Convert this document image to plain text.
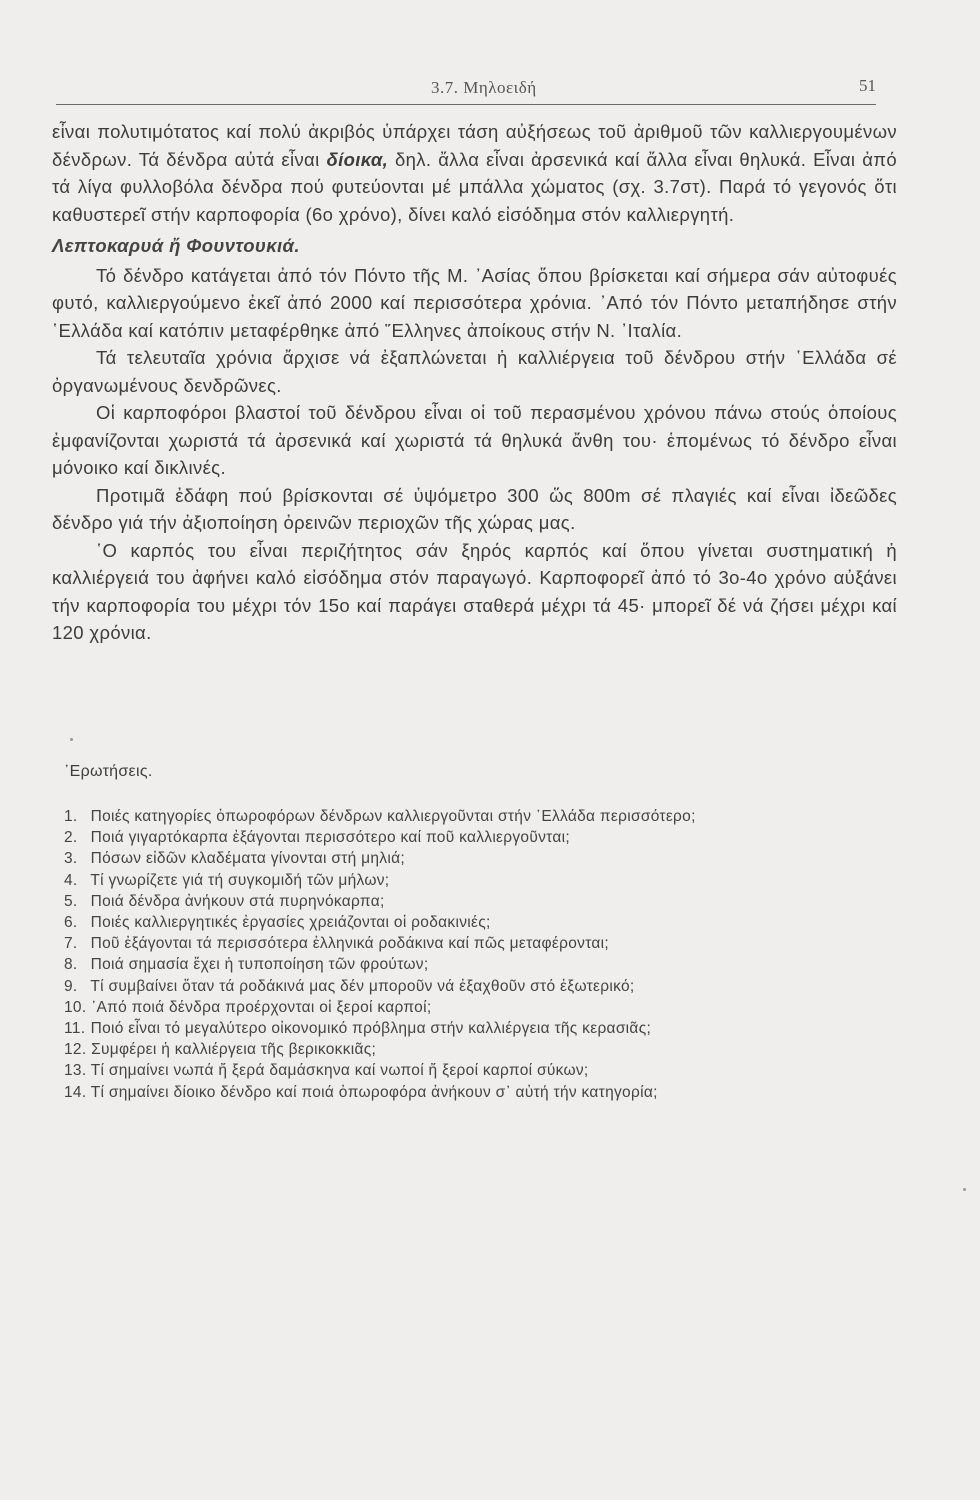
3.7. Μηλοειδή	51

εἶναι πολυτιμότατος καί πολύ ἀκριβός ὑπάρχει τάση αὐξήσεως τοῦ ἀριθμοῦ τῶν καλλιεργουμένων δένδρων. Τά δένδρα αὐτά εἶναι δίοικα, δηλ. ἄλλα εἶναι ἀρσενικά καί ἄλλα εἶναι θηλυκά. Εἶναι ἀπό τά λίγα φυλλοβόλα δένδρα πού φυτεύονται μέ μπάλλα χώματος (σχ. 3.7στ). Παρά τό γεγονός ὅτι καθυστερεῖ στήν καρποφορία (6ο χρόνο), δίνει καλό εἰσόδημα στόν καλλιεργητή.

Λεπτοκαρυά ἤ Φουντουκιά.

Τό δένδρο κατάγεται ἀπό τόν Πόντο τῆς Μ. ᾿Ασίας ὅπου βρίσκεται καί σήμερα σάν αὐτοφυές φυτό, καλλιεργούμενο ἐκεῖ ἀπό 2000 καί περισσότερα χρόνια. ᾿Από τόν Πόντο μεταπήδησε στήν ῾Ελλάδα καί κατόπιν μεταφέρθηκε ἀπό ῞Ελληνες ἀποίκους στήν Ν. ᾿Ιταλία.

Τά τελευταῖα χρόνια ἄρχισε νά ἐξαπλώνεται ἡ καλλιέργεια τοῦ δένδρου στήν ῾Ελλάδα σέ ὀργανωμένους δενδρῶνες.

Οἱ καρποφόροι βλαστοί τοῦ δένδρου εἶναι οἱ τοῦ περασμένου χρόνου πάνω στούς ὁποίους ἐμφανίζονται χωριστά τά ἀρσενικά καί χωριστά τά θηλυκά ἄνθη του· ἑπομένως τό δένδρο εἶναι μόνοικο καί δικλινές.

Προτιμᾶ ἐδάφη πού βρίσκονται σέ ὑψόμετρο 300 ὥς 800m σέ πλαγιές καί εἶναι ἰδεῶδες δένδρο γιά τήν ἀξιοποίηση ὀρεινῶν περιοχῶν τῆς χώρας μας.

῾Ο καρπός του εἶναι περιζήτητος σάν ξηρός καρπός καί ὅπου γίνεται συστηματική ἡ καλλιέργειά του ἀφήνει καλό εἰσόδημα στόν παραγωγό. Καρποφορεῖ ἀπό τό 3ο-4ο χρόνο αὐξάνει τήν καρποφορία του μέχρι τόν 15ο καί παράγει σταθερά μέχρι τά 45· μπορεῖ δέ νά ζήσει μέχρι καί 120 χρόνια.

᾿Ερωτήσεις.
1. Ποιές κατηγορίες ὀπωροφόρων δένδρων καλλιεργοῦνται στήν ῾Ελλάδα περισσότερο;
2. Ποιά γιγαρτόκαρπα ἐξάγονται περισσότερο καί ποῦ καλλιεργοῦνται;
3. Πόσων εἰδῶν κλαδέματα γίνονται στή μηλιά;
4. Τί γνωρίζετε γιά τή συγκομιδή τῶν μήλων;
5. Ποιά δένδρα ἀνήκουν στά πυρηνόκαρπα;
6. Ποιές καλλιεργητικές ἐργασίες χρειάζονται οἱ ροδακινιές;
7. Ποῦ ἐξάγονται τά περισσότερα ἑλληνικά ροδάκινα καί πῶς μεταφέρονται;
8. Ποιά σημασία ἔχει ἡ τυποποίηση τῶν φρούτων;
9. Τί συμβαίνει ὅταν τά ροδάκινά μας δέν μποροῦν νά ἐξαχθοῦν στό ἐξωτερικό;
10. ᾿Από ποιά δένδρα προέρχονται οἱ ξεροί καρποί;
11. Ποιό εἶναι τό μεγαλύτερο οἰκονομικό πρόβλημα στήν καλλιέργεια τῆς κερασιᾶς;
12. Συμφέρει ἡ καλλιέργεια τῆς βερικοκκιᾶς;
13. Τί σημαίνει νωπά ἤ ξερά δαμάσκηνα καί νωποί ἤ ξεροί καρποί σύκων;
14. Τί σημαίνει δίοικο δένδρο καί ποιά ὀπωροφόρα ἀνήκουν σ᾿ αὐτή τήν κατηγορία;
